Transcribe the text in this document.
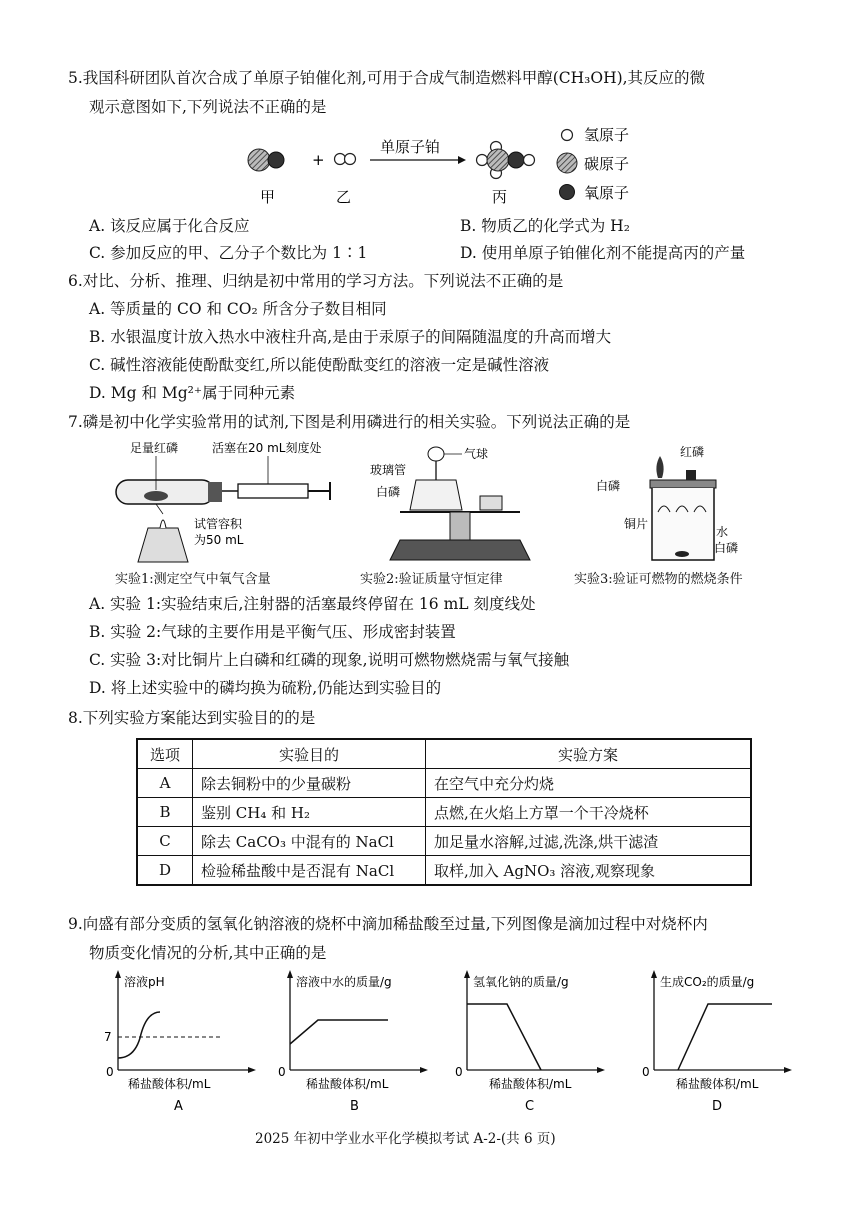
5.我国科研团队首次合成了单原子铂催化剂,可用于合成气制造燃料甲醇(CH₃OH),其反应的微
观示意图如下,下列说法不正确的是
+
单原子铂
甲	乙	丙
氢原子
碳原子
氧原子
A. 该反应属于化合反应	B. 物质乙的化学式为 H₂
C. 参加反应的甲、乙分子个数比为 1∶1	D. 使用单原子铂催化剂不能提高丙的产量
6.对比、分析、推理、归纳是初中常用的学习方法。下列说法不正确的是
A. 等质量的 CO 和 CO₂ 所含分子数目相同
B. 水银温度计放入热水中液柱升高,是由于汞原子的间隔随温度的升高而增大
C. 碱性溶液能使酚酞变红,所以能使酚酞变红的溶液一定是碱性溶液
D. Mg 和 Mg²⁺属于同种元素
7.磷是初中化学实验常用的试剂,下图是利用磷进行的相关实验。下列说法正确的是
足量红磷	活塞在20 mL刻度处
试管容积
为50 mL
气球
玻璃管
白磷
红磷
白磷
铜片
水
白磷
实验1:测定空气中氧气含量	实验2:验证质量守恒定律	实验3:验证可燃物的燃烧条件
A. 实验 1:实验结束后,注射器的活塞最终停留在 16 mL 刻度线处
B. 实验 2:气球的主要作用是平衡气压、形成密封装置
C. 实验 3:对比铜片上白磷和红磷的现象,说明可燃物燃烧需与氧气接触
D. 将上述实验中的磷均换为硫粉,仍能达到实验目的
8.下列实验方案能达到实验目的的是
选项	实验目的	实验方案
A	除去铜粉中的少量碳粉	在空气中充分灼烧
B	鉴别 CH₄ 和 H₂	点燃,在火焰上方罩一个干冷烧杯
C	除去 CaCO₃ 中混有的 NaCl	加足量水溶解,过滤,洗涤,烘干滤渣
D	检验稀盐酸中是否混有 NaCl	取样,加入 AgNO₃ 溶液,观察现象
9.向盛有部分变质的氢氧化钠溶液的烧杯中滴加稀盐酸至过量,下列图像是滴加过程中对烧杯内
物质变化情况的分析,其中正确的是
溶液pH
7
0
稀盐酸体积/mL
A
溶液中水的质量/g
0
稀盐酸体积/mL
B
氢氧化钠的质量/g
0
稀盐酸体积/mL
C
生成CO₂的质量/g
0
稀盐酸体积/mL
D
2025 年初中学业水平化学模拟考试 A-2-(共 6 页)
